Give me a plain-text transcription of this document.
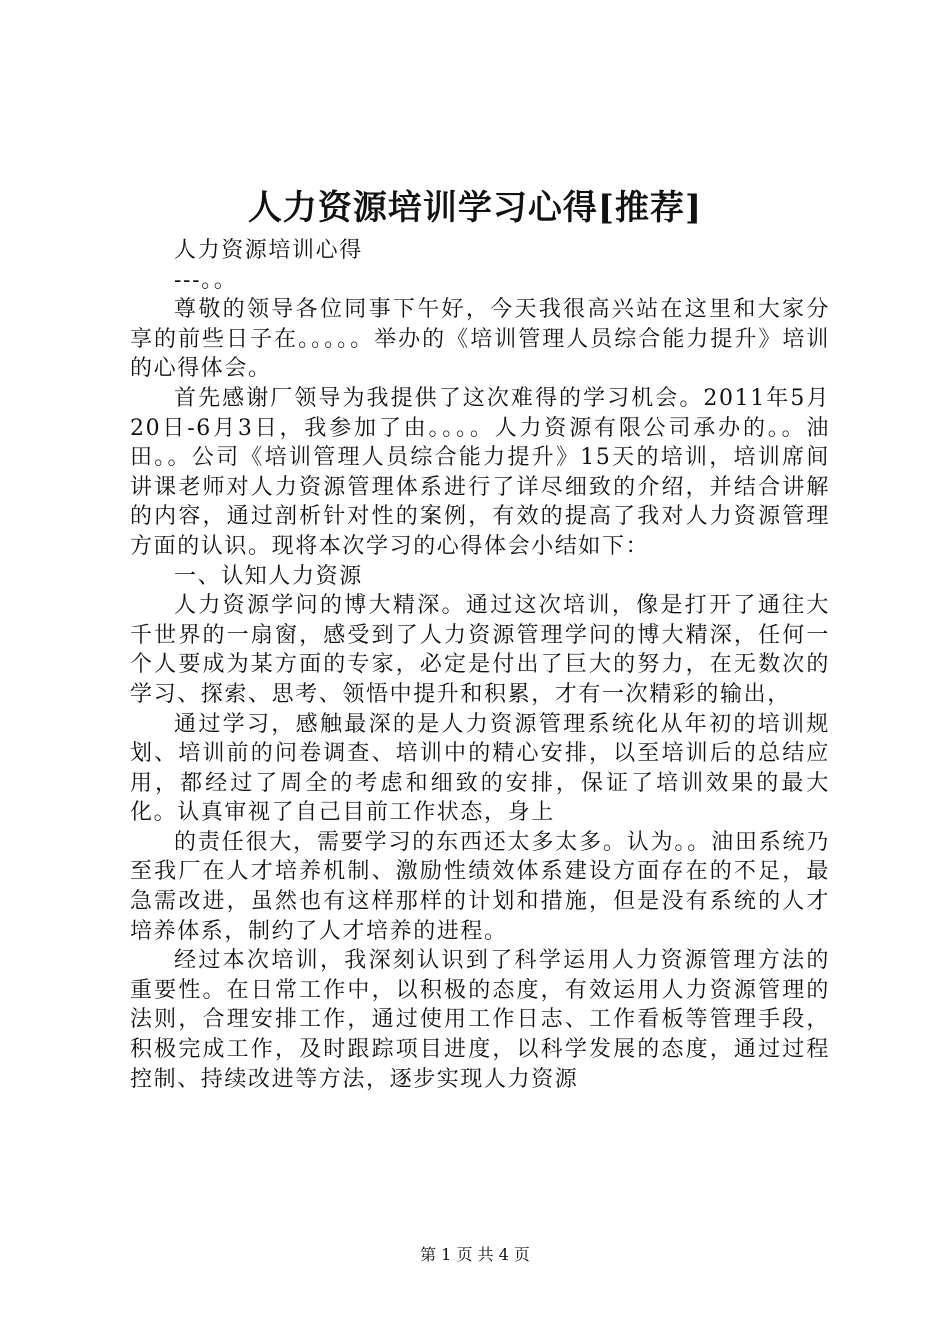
人力资源培训学习心得[推荐]

人力资源培训心得

---。。

尊敬的领导各位同事下午好，今天我很高兴站在这里和大家分享的前些日子在。。。。。举办的《培训管理人员综合能力提升》培训的心得体会。

首先感谢厂领导为我提供了这次难得的学习机会。2011年5月20日-6月3日，我参加了由。。。。人力资源有限公司承办的。。油田。。公司《培训管理人员综合能力提升》15天的培训，培训席间讲课老师对人力资源管理体系进行了详尽细致的介绍，并结合讲解的内容，通过剖析针对性的案例，有效的提高了我对人力资源管理方面的认识。现将本次学习的心得体会小结如下：

一、认知人力资源

人力资源学问的博大精深。通过这次培训，像是打开了通往大千世界的一扇窗，感受到了人力资源管理学问的博大精深，任何一个人要成为某方面的专家，必定是付出了巨大的努力，在无数次的学习、探索、思考、领悟中提升和积累，才有一次精彩的输出，

通过学习，感触最深的是人力资源管理系统化从年初的培训规划、培训前的问卷调查、培训中的精心安排，以至培训后的总结应用，都经过了周全的考虑和细致的安排，保证了培训效果的最大化。认真审视了自己目前工作状态，身上

的责任很大，需要学习的东西还太多太多。认为。。油田系统乃至我厂在人才培养机制、激励性绩效体系建设方面存在的不足，最急需改进，虽然也有这样那样的计划和措施，但是没有系统的人才培养体系，制约了人才培养的进程。

经过本次培训，我深刻认识到了科学运用人力资源管理方法的重要性。在日常工作中，以积极的态度，有效运用人力资源管理的法则，合理安排工作，通过使用工作日志、工作看板等管理手段，积极完成工作，及时跟踪项目进度，以科学发展的态度，通过过程控制、持续改进等方法，逐步实现人力资源

第 1 页 共 4 页
